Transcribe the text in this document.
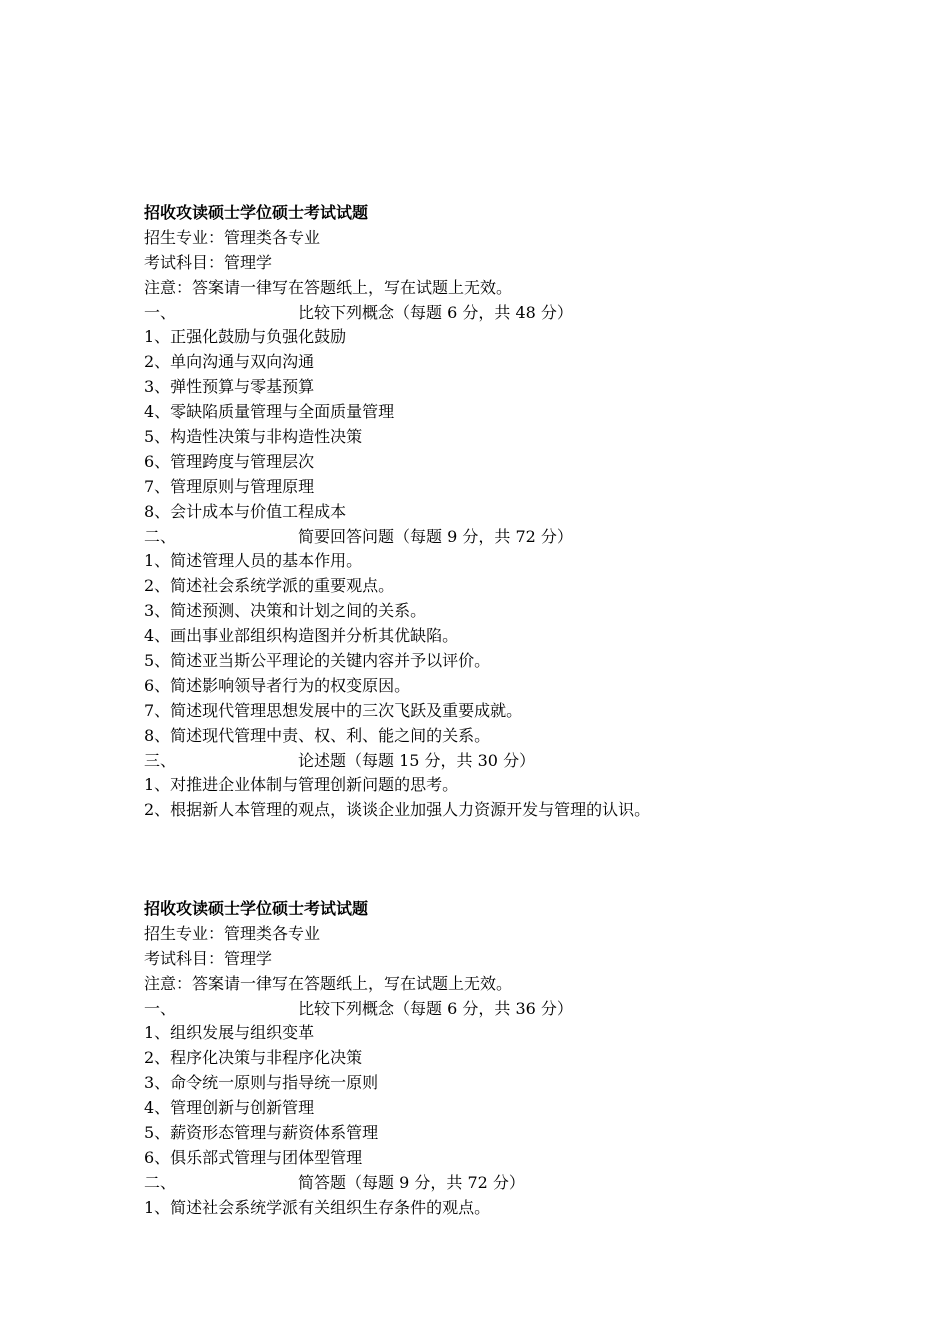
招收攻读硕士学位硕士考试试题
招生专业：管理类各专业
考试科目：管理学
注意：答案请一律写在答题纸上，写在试题上无效。
一、	比较下列概念（每题 6 分，共 48 分）
1、正强化鼓励与负强化鼓励
2、单向沟通与双向沟通
3、弹性预算与零基预算
4、零缺陷质量管理与全面质量管理
5、构造性决策与非构造性决策
6、管理跨度与管理层次
7、管理原则与管理原理
8、会计成本与价值工程成本
二、	简要回答问题（每题 9 分，共 72 分）
1、简述管理人员的基本作用。
2、简述社会系统学派的重要观点。
3、简述预测、决策和计划之间的关系。
4、画出事业部组织构造图并分析其优缺陷。
5、简述亚当斯公平理论的关键内容并予以评价。
6、简述影响领导者行为的权变原因。
7、简述现代管理思想发展中的三次飞跃及重要成就。
8、简述现代管理中责、权、利、能之间的关系。
三、	论述题（每题 15 分，共 30 分）
1、对推进企业体制与管理创新问题的思考。
2、根据新人本管理的观点，谈谈企业加强人力资源开发与管理的认识。
招收攻读硕士学位硕士考试试题
招生专业：管理类各专业
考试科目：管理学
注意：答案请一律写在答题纸上，写在试题上无效。
一、	比较下列概念（每题 6 分，共 36 分）
1、组织发展与组织变革
2、程序化决策与非程序化决策
3、命令统一原则与指导统一原则
4、管理创新与创新管理
5、薪资形态管理与薪资体系管理
6、俱乐部式管理与团体型管理
二、	简答题（每题 9 分，共 72 分）
1、简述社会系统学派有关组织生存条件的观点。
